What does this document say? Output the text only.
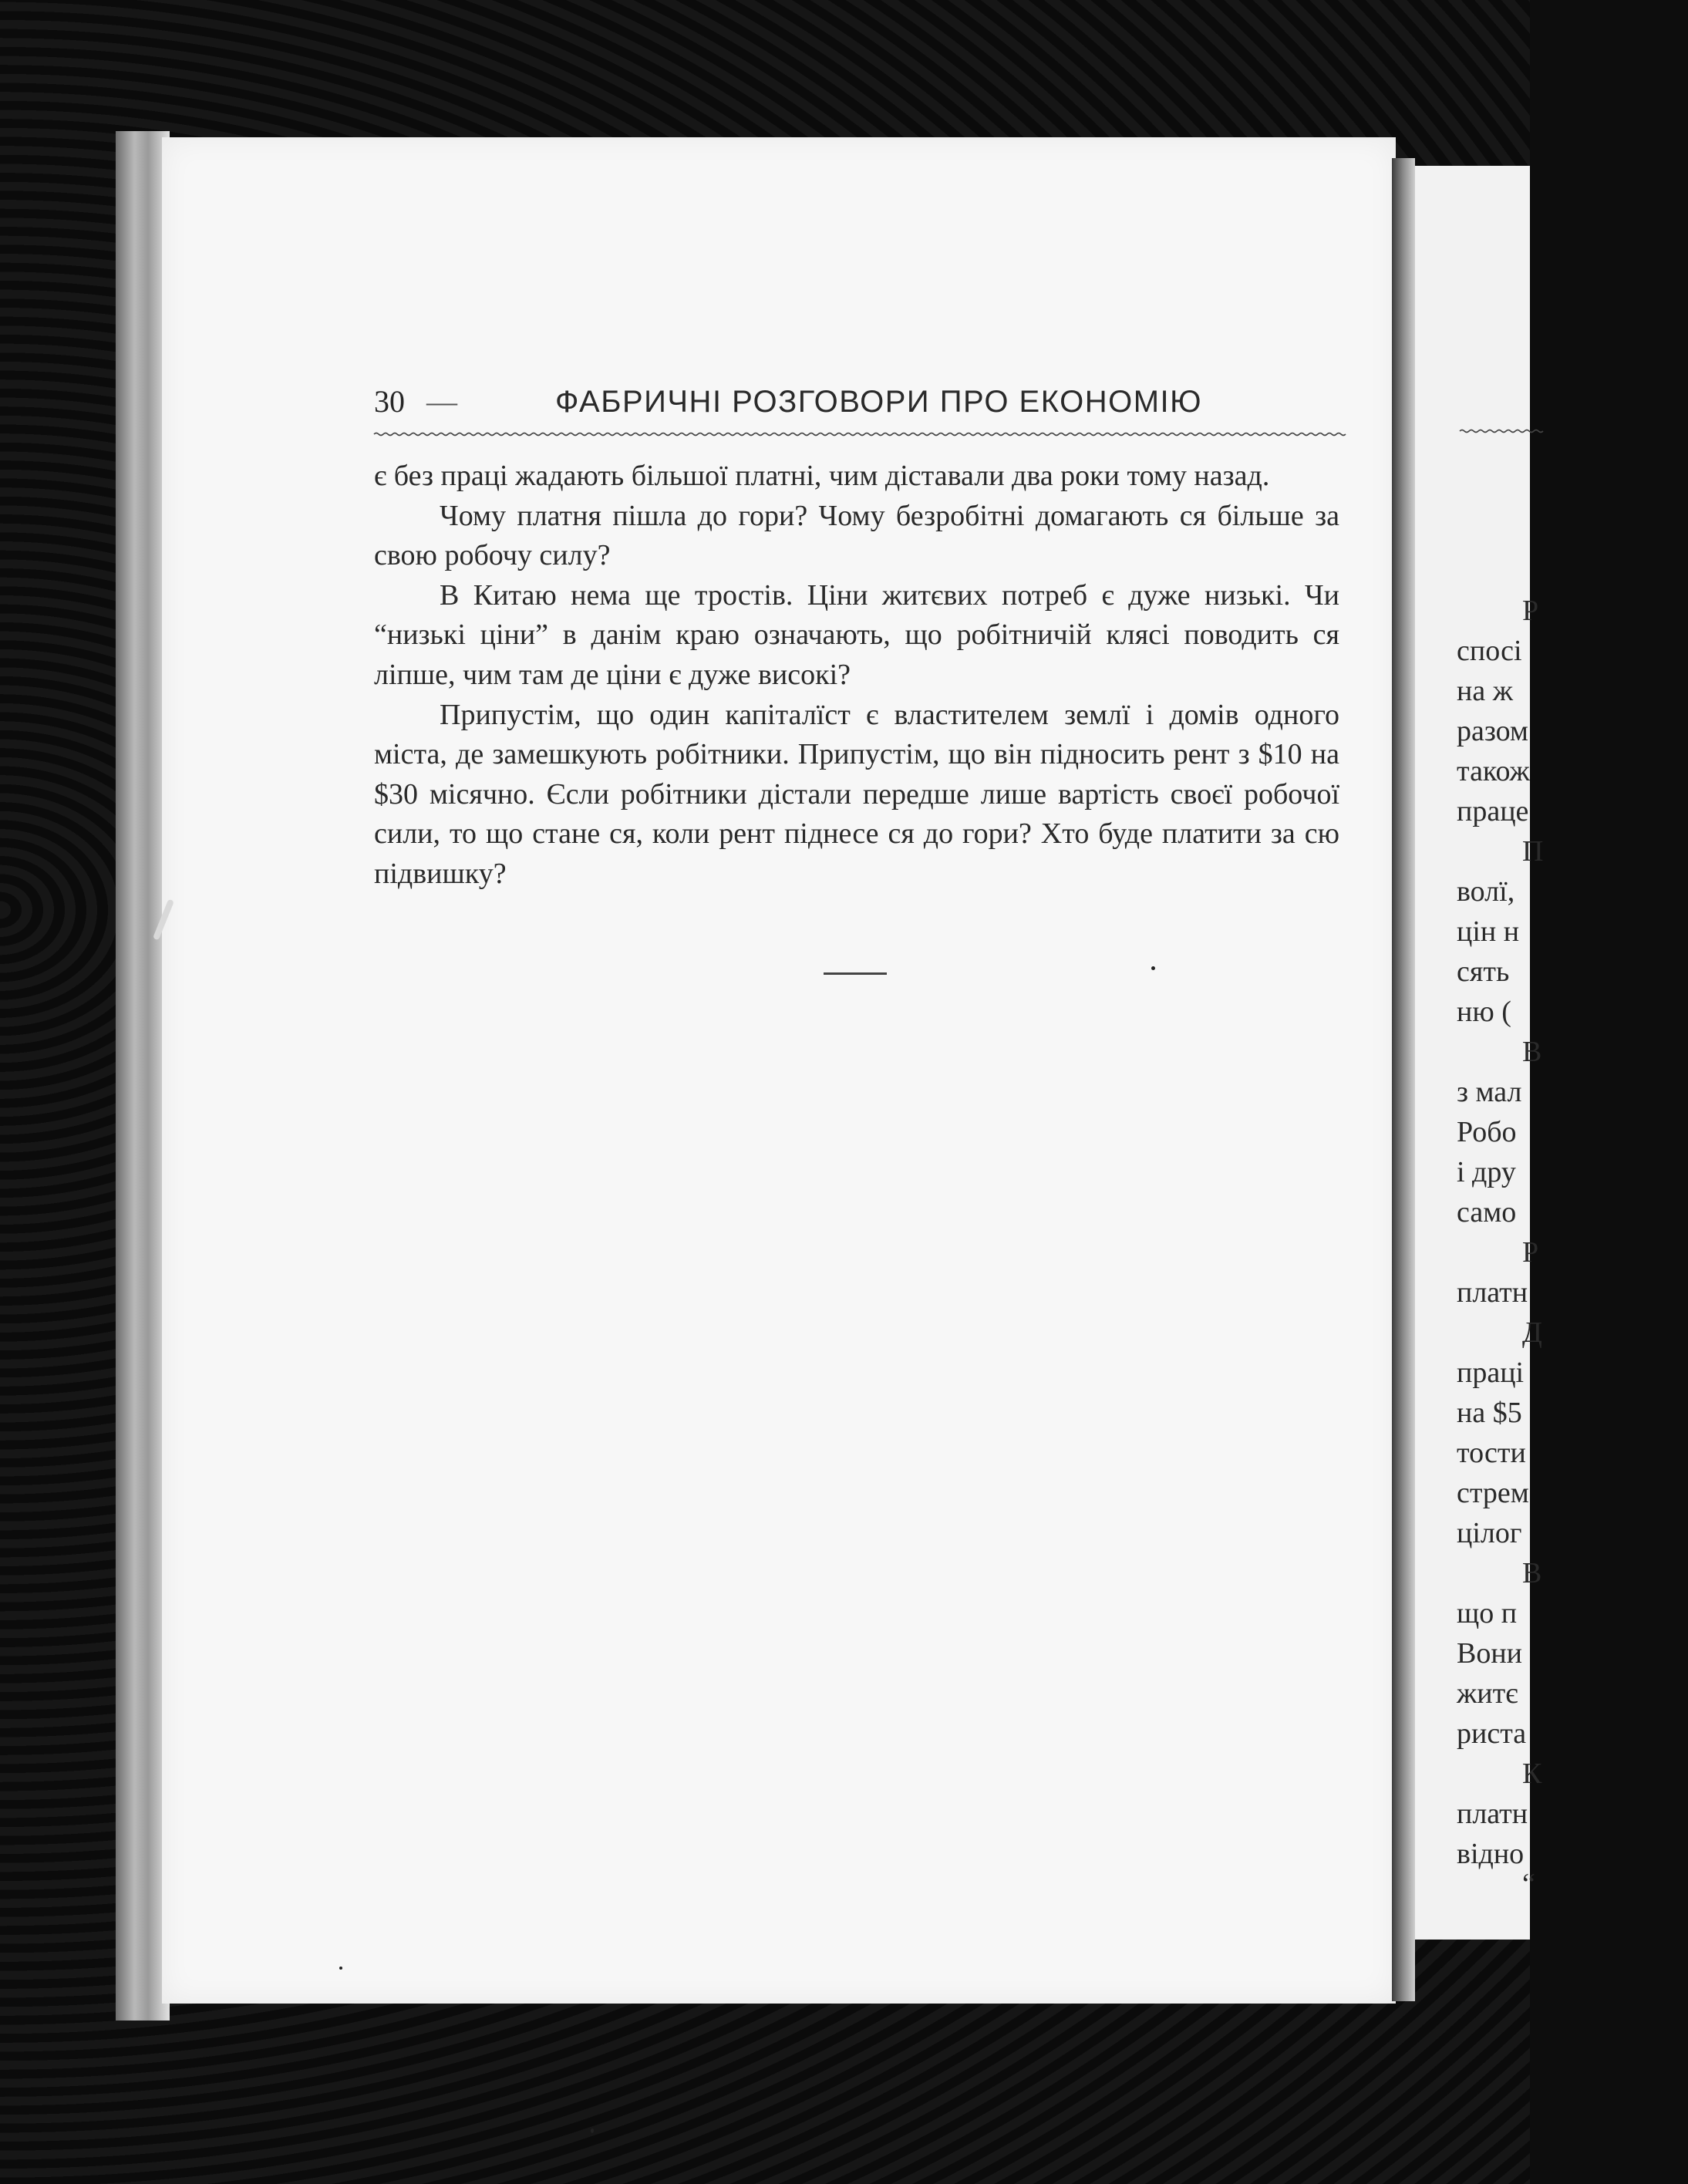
30 —	ФАБРИЧНІ РОЗГОВОРИ ПРО ЕКОНОМІЮ

є без праці жадають більшої платні, чим діставали два роки тому назад.

Чому платня пішла до гори? Чому безробітні домагають ся більше за свою робочу силу?

В Китаю нема ще тростів. Ціни житєвих потреб є дуже низькі. Чи “низькі ціни” в данім краю означають, що робітничій клясі поводить ся ліпше, чим там де ціни є дуже високі?

Припустім, що один капіталїст є властителем землї і домів одного міста, де замешкують робітники. Припустім, що він підносить рент з $10 на $30 місячно. Єсли робітники дістали передше лише вартість своєї робочої сили, то що стане ся, коли рент піднесе ся до гори? Хто буде платити за сю підвишку?

Р
спосі
на ж
разом
також
праце
П
волї,
цін н
сять
ню (
В
з мал
Робо
і дру
само
Р
платн
Д
праці
на $5
тости
стрем
цілог
В
що п
Вони
житє
риста
К
платн
відно
“
